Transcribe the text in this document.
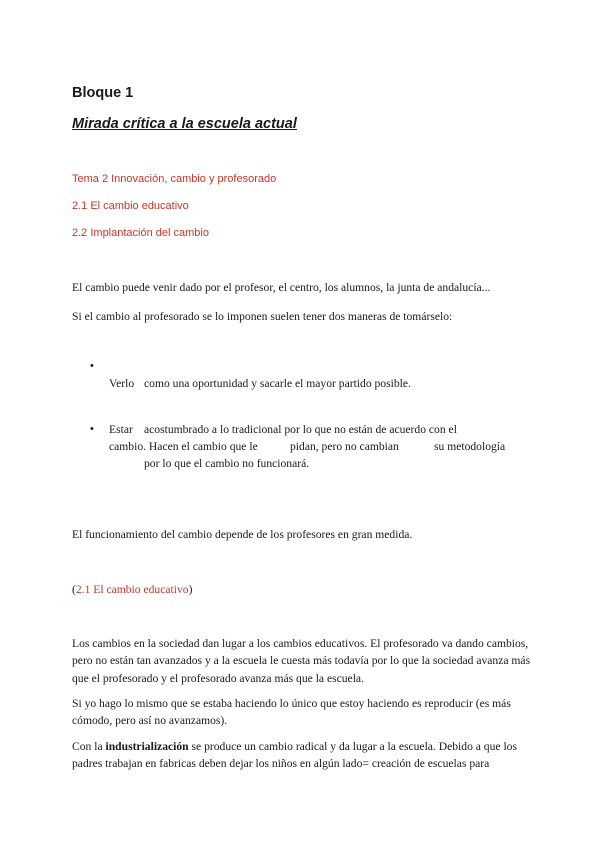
Bloque 1
Mirada crítica a la escuela actual
Tema 2 Innovación, cambio y profesorado
2.1 El cambio educativo
2.2 Implantación del cambio
El cambio puede venir dado por el profesor, el centro, los alumnos, la junta de andalucía...
Si el cambio al profesorado se lo imponen suelen tener dos maneras de tomárselo:
•
Verlo como una oportunidad y sacarle el mayor partido posible.
• Estar acostumbrado a lo tradicional por lo que no están de acuerdo con el
cambio. Hacen el cambio que le	pidan, pero no cambian	su metodología
por lo que el cambio no funcionará.
El funcionamiento del cambio depende de los profesores en gran medida.
(2.1 El cambio educativo)

Los cambios en la sociedad dan lugar a los cambios educativos. El profesorado va dando cambios, pero no están tan avanzados y a la escuela le cuesta más todavía por lo que la sociedad avanza más que el profesorado y el profesorado avanza más que la escuela.

Si yo hago lo mismo que se estaba haciendo lo único que estoy haciendo es reproducir (es más cómodo, pero así no avanzamos).

Con la industrialización se produce un cambio radical y da lugar a la escuela. Debido a que los padres trabajan en fabricas deben dejar los niños en algún lado= creación de escuelas para
